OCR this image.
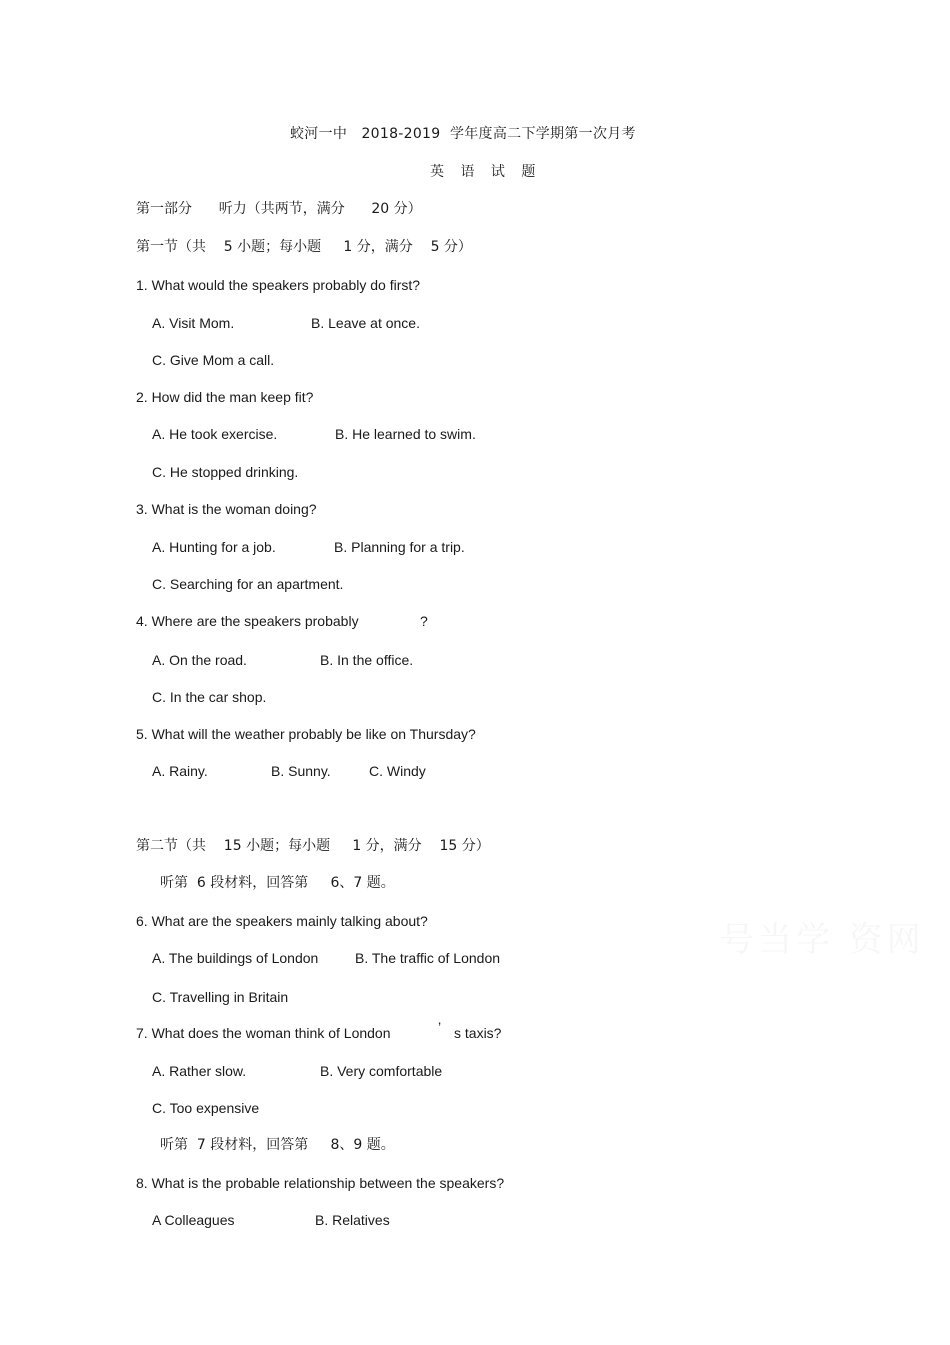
蛟河一中   2018-2019  学年度高二下学期第一次月考
英 语 试 题
第一部分      听力（共两节，满分      20 分）
第一节（共    5 小题；每小题     1 分，满分    5 分）
1. What would the speakers probably do first?
A. Visit Mom.	B. Leave at once.
C. Give Mom a call.
2. How did the man keep fit?
A. He took exercise.	B. He learned to swim.
C. He stopped drinking.
3. What is the woman doing?
A. Hunting for a job.	B. Planning for a trip.
C. Searching for an apartment.
4. Where are the speakers probably	?
A. On the road.	B. In the office.
C. In the car shop.
5. What will the weather probably be like on Thursday?
A. Rainy.	B. Sunny.	C. Windy
第二节（共    15 小题；每小题     1 分，满分    15 分）
听第  6 段材料，回答第     6、7 题。
6. What are the speakers mainly talking about?
A. The buildings of London	B. The traffic of London
C. Travelling in Britain
7. What does the woman think of London	’ s taxis?
A. Rather slow.	B. Very comfortable
C. Too expensive
听第  7 段材料，回答第     8、9 题。
8. What is the probable relationship between the speakers?
A Colleagues	B. Relatives
号当学 资网
